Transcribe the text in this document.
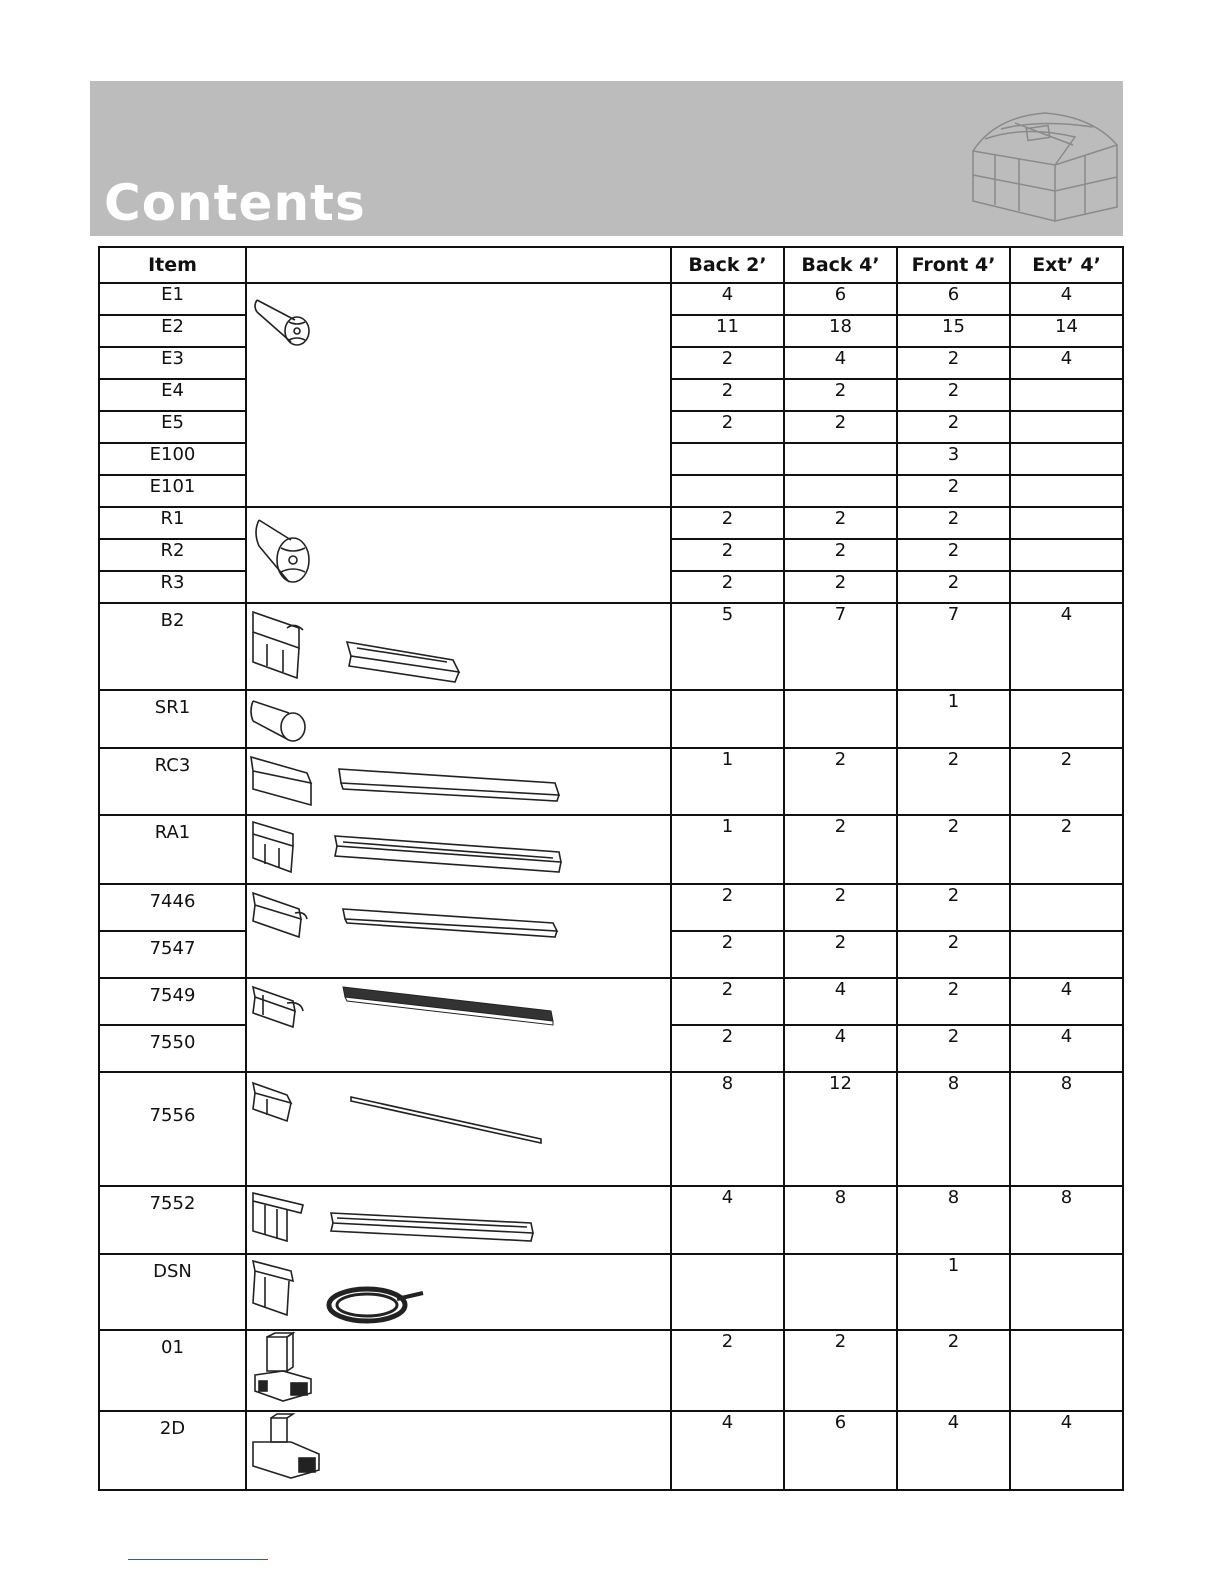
Contents
Item		Back 2’	Back 4’	Front 4’	Ext’ 4’
E1		4	6	6	4
E2		11	18	15	14
E3		2	4	2	4
E4		2	2	2	
E5		2	2	2	
E100				3	
E101				2	
R1		2	2	2	
R2		2	2	2	
R3		2	2	2	
B2		5	7	7	4
SR1				1	
RC3		1	2	2	2
RA1		1	2	2	2
7446		2	2	2	
7547		2	2	2	
7549		2	4	2	4
7550		2	4	2	4
7556		8	12	8	8
7552		4	8	8	8
DSN				1	
01		2	2	2	
2D		4	6	4	4
